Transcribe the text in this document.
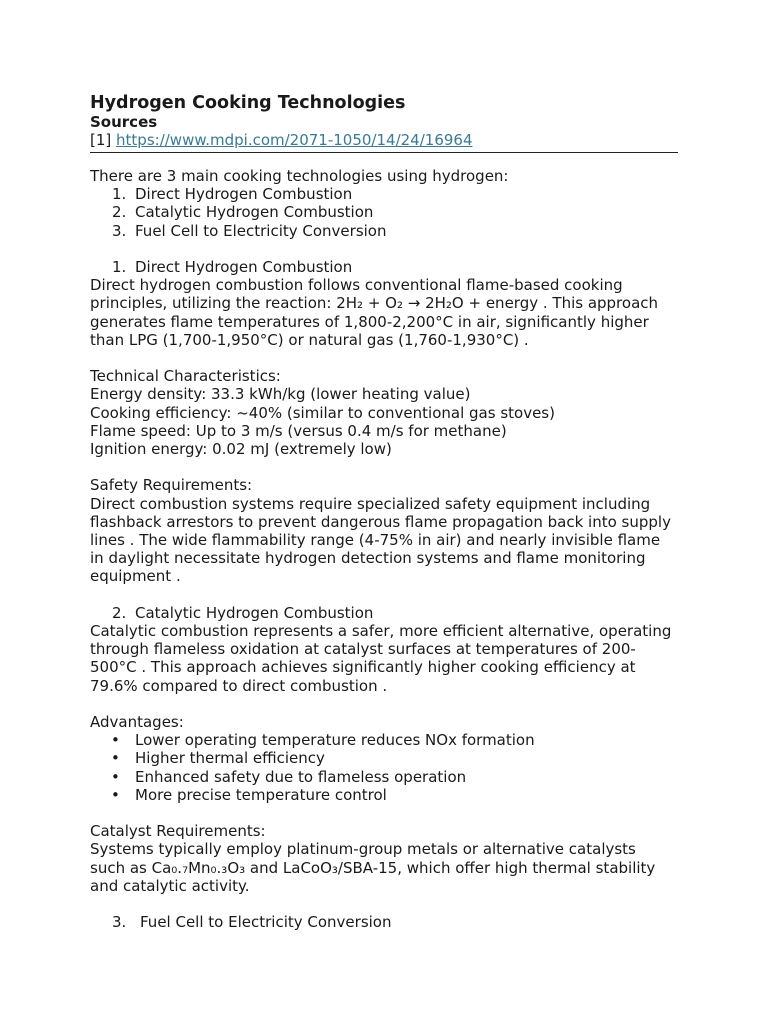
Hydrogen Cooking Technologies
Sources
[1] https://www.mdpi.com/2071-1050/14/24/16964

There are 3 main cooking technologies using hydrogen:

1. Direct Hydrogen Combustion
2. Catalytic Hydrogen Combustion
3. Fuel Cell to Electricity Conversion
1. Direct Hydrogen Combustion
Direct hydrogen combustion follows conventional flame-based cooking
principles, utilizing the reaction: 2H₂ + O₂ → 2H₂O + energy . This approach
generates flame temperatures of 1,800-2,200°C in air, significantly higher
than LPG (1,700-1,950°C) or natural gas (1,760-1,930°C) .
Technical Characteristics:
Energy density: 33.3 kWh/kg (lower heating value)
Cooking efficiency: ~40% (similar to conventional gas stoves)
Flame speed: Up to 3 m/s (versus 0.4 m/s for methane)
Ignition energy: 0.02 mJ (extremely low)
Safety Requirements:
Direct combustion systems require specialized safety equipment including
flashback arrestors to prevent dangerous flame propagation back into supply
lines . The wide flammability range (4-75% in air) and nearly invisible flame
in daylight necessitate hydrogen detection systems and flame monitoring
equipment .
2. Catalytic Hydrogen Combustion
Catalytic combustion represents a safer, more efficient alternative, operating
through flameless oxidation at catalyst surfaces at temperatures of 200-
500°C . This approach achieves significantly higher cooking efficiency at
79.6% compared to direct combustion .
Advantages:
• Lower operating temperature reduces NOx formation
• Higher thermal efficiency
• Enhanced safety due to flameless operation
• More precise temperature control
Catalyst Requirements:
Systems typically employ platinum-group metals or alternative catalysts
such as Ca₀.₇Mn₀.₃O₃ and LaCoO₃/SBA-15, which offer high thermal stability
and catalytic activity.
3. Fuel Cell to Electricity Conversion
